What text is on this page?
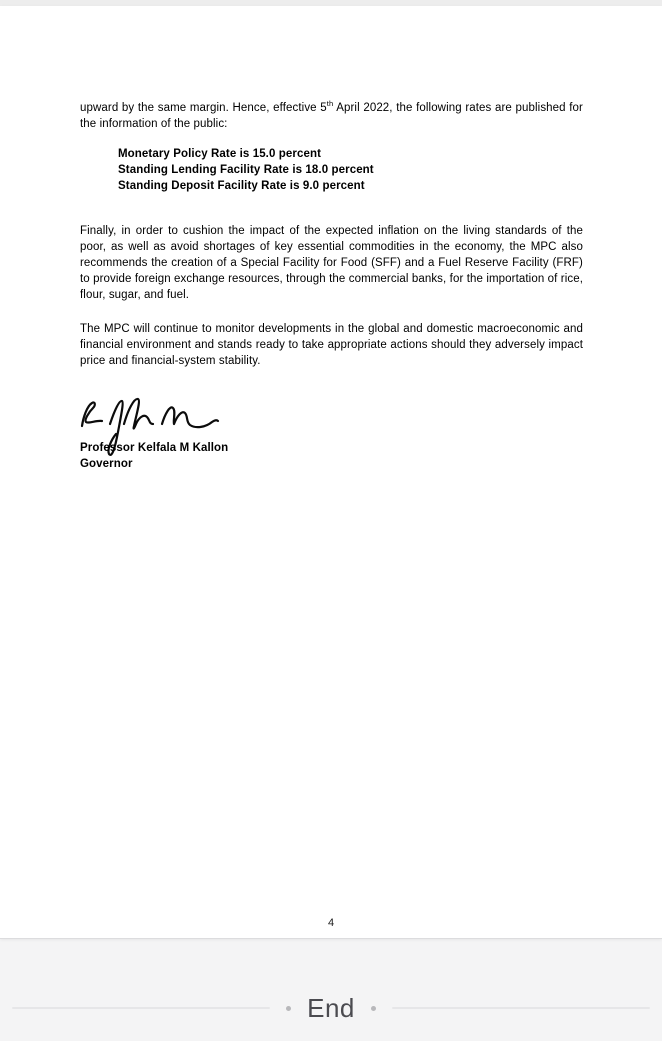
upward by the same margin. Hence, effective 5th April 2022, the following rates are published for the information of the public:

Monetary Policy Rate is 15.0 percent
Standing Lending Facility Rate is 18.0 percent
Standing Deposit Facility Rate is 9.0 percent

Finally, in order to cushion the impact of the expected inflation on the living standards of the poor, as well as avoid shortages of key essential commodities in the economy, the MPC also recommends the creation of a Special Facility for Food (SFF) and a Fuel Reserve Facility (FRF) to provide foreign exchange resources, through the commercial banks, for the importation of rice, flour, sugar, and fuel.

The MPC will continue to monitor developments in the global and domestic macroeconomic and financial environment and stands ready to take appropriate actions should they adversely impact price and financial-system stability.

Professor Kelfala M Kallon
Governor
4
End
